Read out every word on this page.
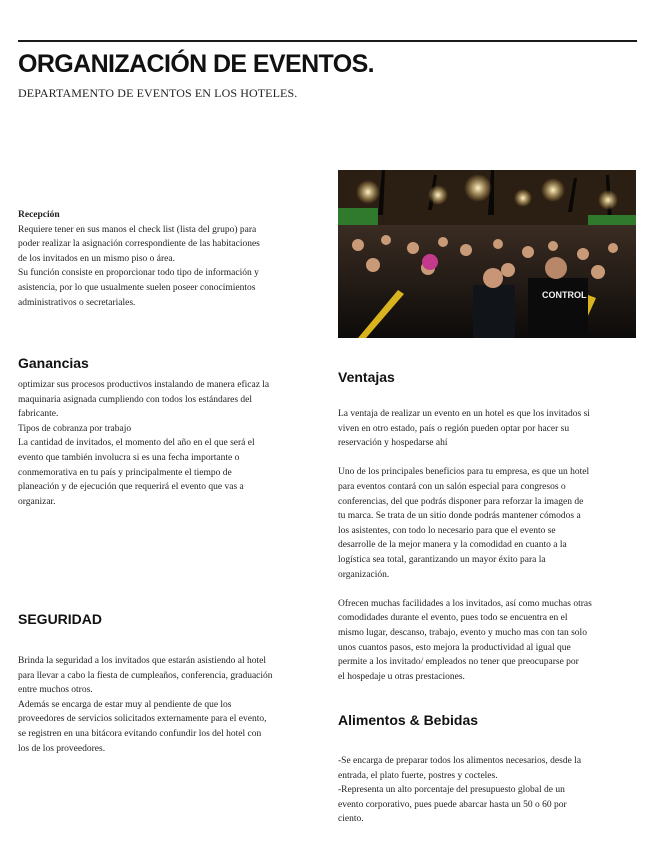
ORGANIZACIÓN DE EVENTOS.
DEPARTAMENTO DE EVENTOS EN LOS HOTELES.
Recepción

Requiere tener en sus manos el check list (lista del grupo) para

poder realizar la asignación correspondiente de las habitaciones

de los invitados en un mismo piso o área.

Su función consiste en proporcionar todo tipo de información y

asistencia, por lo que usualmente suelen poseer conocimientos

administrativos o secretariales.

CONTROL
Ganancias

optimizar sus procesos productivos instalando de manera eficaz la

maquinaria asignada cumpliendo con todos los estándares del

fabricante.

Tipos de cobranza por trabajo

La cantidad de invitados, el momento del año en el que será el

evento que también involucra si es una fecha importante o

conmemorativa en tu país y principalmente el tiempo de

planeación y de ejecución que requerirá el evento que vas a

organizar.

SEGURIDAD

Brinda la seguridad a los invitados que estarán asistiendo al hotel

para llevar a cabo la fiesta de cumpleaños, conferencia, graduación

entre muchos otros.

Además se encarga de estar muy al pendiente de que los

proveedores de servicios solicitados externamente para el evento,

se registren en una bitácora evitando confundir los del hotel con

los de los proveedores.

Ventajas

La ventaja de realizar un evento en un hotel es que los invitados si

viven en otro estado, país o región pueden optar por hacer su

reservación y hospedarse ahí

Uno de los principales beneficios para tu empresa, es que un hotel

para eventos contará con un salón especial para congresos o

conferencias, del que podrás disponer para reforzar la imagen de

tu marca. Se trata de un sitio donde podrás mantener cómodos a

los asistentes, con todo lo necesario para que el evento se

desarrolle de la mejor manera y la comodidad en cuanto a la

logística sea total, garantizando un mayor éxito para la

organización.

Ofrecen muchas facilidades a los invitados, así como muchas otras

comodidades durante el evento, pues todo se encuentra en el

mismo lugar, descanso, trabajo, evento y mucho mas con tan solo

unos cuantos pasos, esto mejora la productividad al igual que

permite a los invitado/ empleados no tener que preocuparse por

el hospedaje u otras prestaciones.

Alimentos & Bebidas

-Se encarga de preparar todos los alimentos necesarios, desde la

entrada, el plato fuerte, postres y cocteles.

-Representa un alto porcentaje del presupuesto global de un

evento corporativo, pues puede abarcar hasta un 50 o 60 por

ciento.
